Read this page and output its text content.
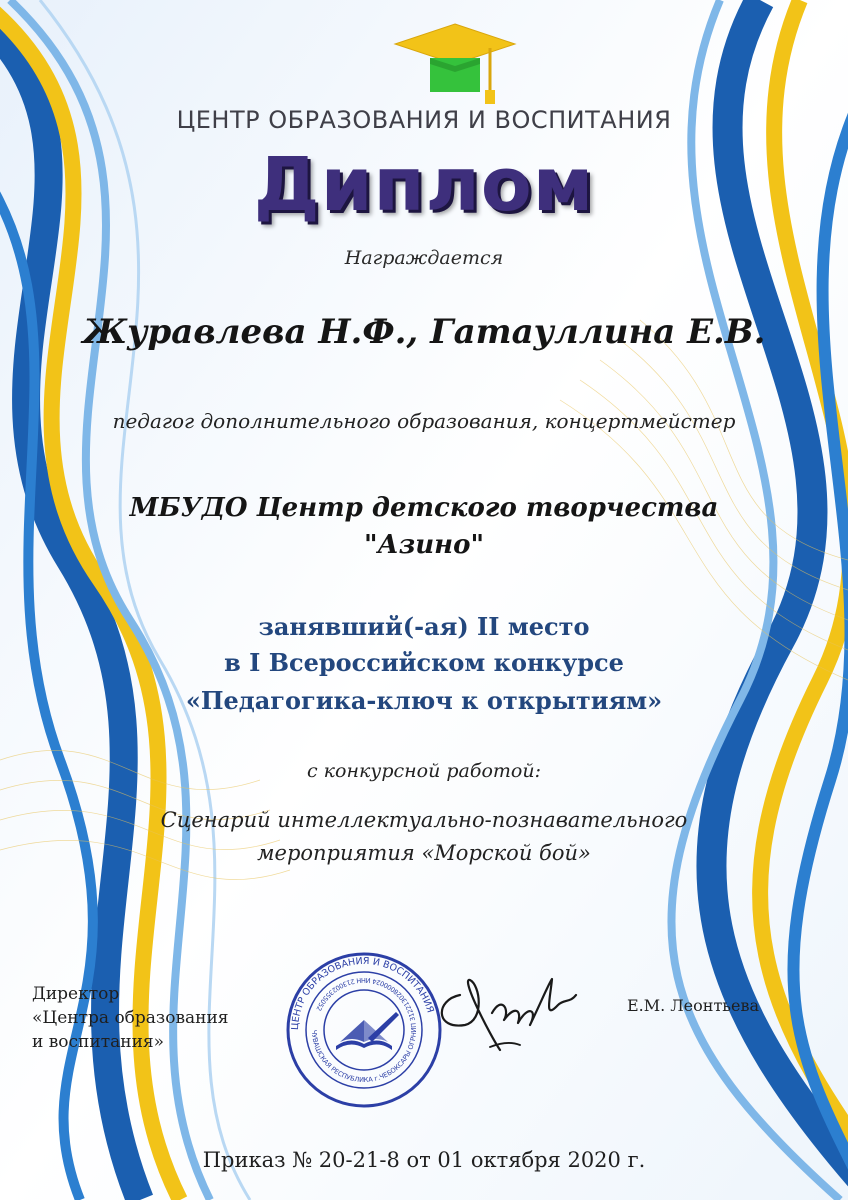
ЦЕНТР ОБРАЗОВАНИЯ И ВОСПИТАНИЯ
Диплом
Награждается
Журавлева Н.Ф., Гатауллина Е.В.
педагог дополнительного образования, концертмейстер
МБУДО Центр детского творчества
"Азино"
занявший(-ая) II место
в I Всероссийском конкурсе
«Педагогика-ключ к открытиям»
с конкурсной работой:
Сценарий интеллектуально-познавательного
мероприятия «Морской бой»
Директор
«Центра образования
и воспитания»
ЦЕНТР ОБРАЗОВАНИЯ И ВОСПИТАНИЯ
ЧУВАШСКАЯ РЕСПУБЛИКА г.ЧЕБОКСАРЫ ОГРНИП 312213028000024 ИНН 213002355052	Е.М. Леонтьева
Приказ № 20-21-8 от 01 октября 2020 г.
